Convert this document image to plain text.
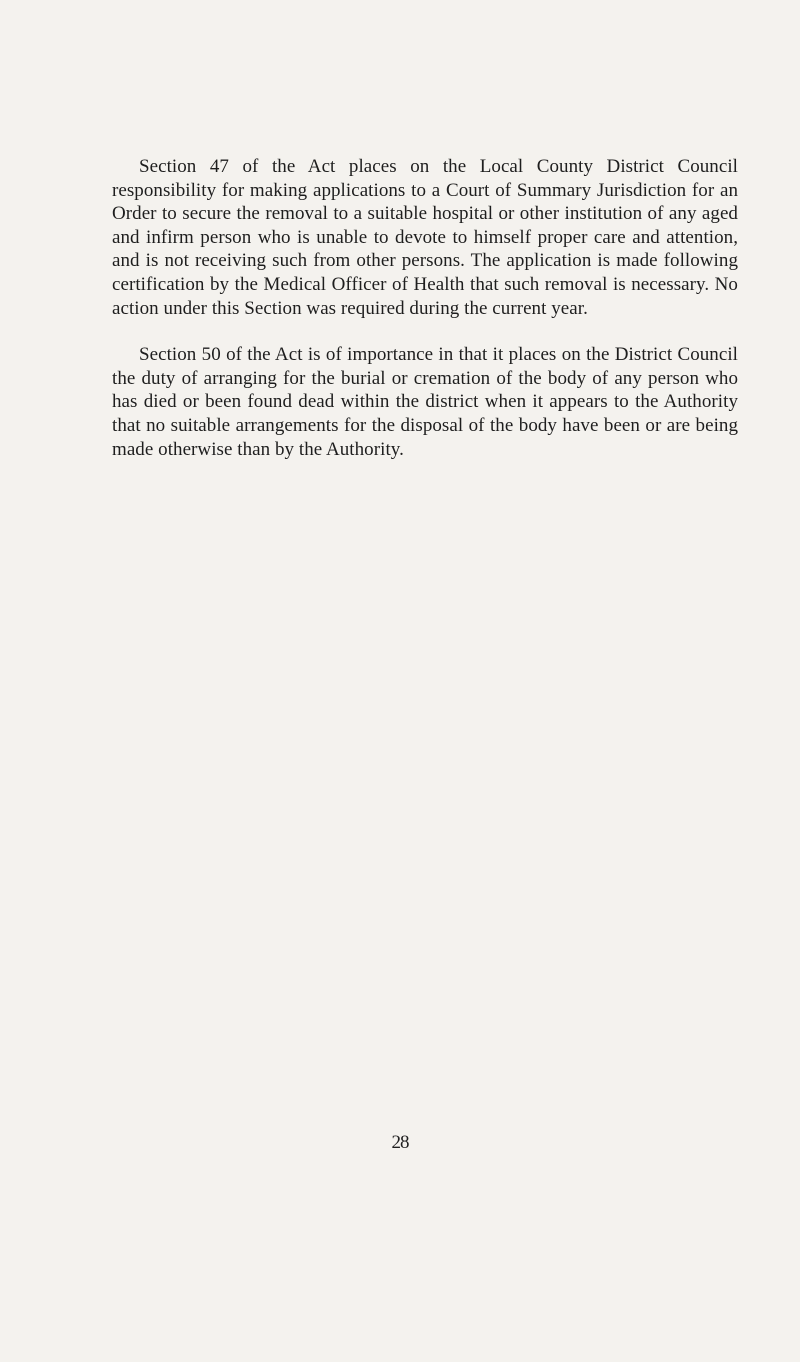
Section 47 of the Act places on the Local County District Council responsibility for making applications to a Court of Summary Jurisdiction for an Order to secure the removal to a suitable hospital or other institution of any aged and infirm person who is unable to devote to himself proper care and attention, and is not receiving such from other persons. The application is made following certification by the Medical Officer of Health that such removal is necessary. No action under this Section was required during the current year.

Section 50 of the Act is of importance in that it places on the District Council the duty of arranging for the burial or cremation of the body of any person who has died or been found dead within the district when it appears to the Authority that no suitable arrangements for the disposal of the body have been or are being made otherwise than by the Authority.

28
